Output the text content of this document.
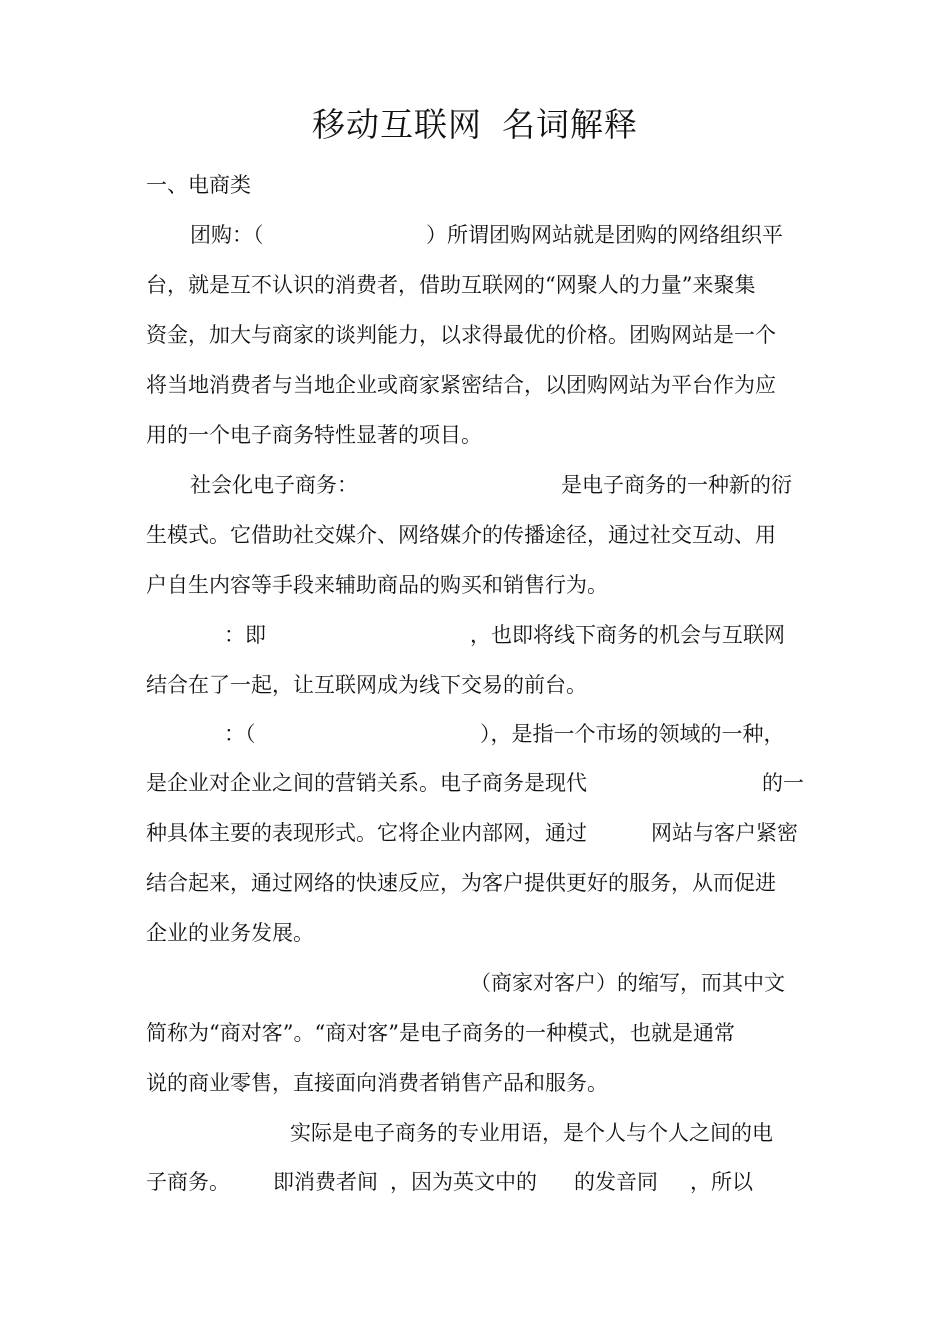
移动互联网 名词解释
一、电商类
团购：（	）所谓团购网站就是团购的网络组织平
台，就是互不认识的消费者，借助互联网的“网聚人的力量”来聚集
资金，加大与商家的谈判能力，以求得最优的价格。团购网站是一个
将当地消费者与当地企业或商家紧密结合，以团购网站为平台作为应
用的一个电子商务特性显著的项目。
社会化电子商务：	是电子商务的一种新的衍
生模式。它借助社交媒介、网络媒介的传播途径，通过社交互动、用
户自生内容等手段来辅助商品的购买和销售行为。
：即	，也即将线下商务的机会与互联网
结合在了一起，让互联网成为线下交易的前台。
：（	），是指一个市场的领域的一种，
是企业对企业之间的营销关系。电子商务是现代	的一
种具体主要的表现形式。它将企业内部网，通过	网站与客户紧密
结合起来，通过网络的快速反应，为客户提供更好的服务，从而促进
企业的业务发展。
（商家对客户）的缩写，而其中文
简称为“商对客”。“商对客”是电子商务的一种模式，也就是通常
说的商业零售，直接面向消费者销售产品和服务。
实际是电子商务的专业用语，是个人与个人之间的电
子商务。 即消费者间 ，因为英文中的 的发音同 ，所以
